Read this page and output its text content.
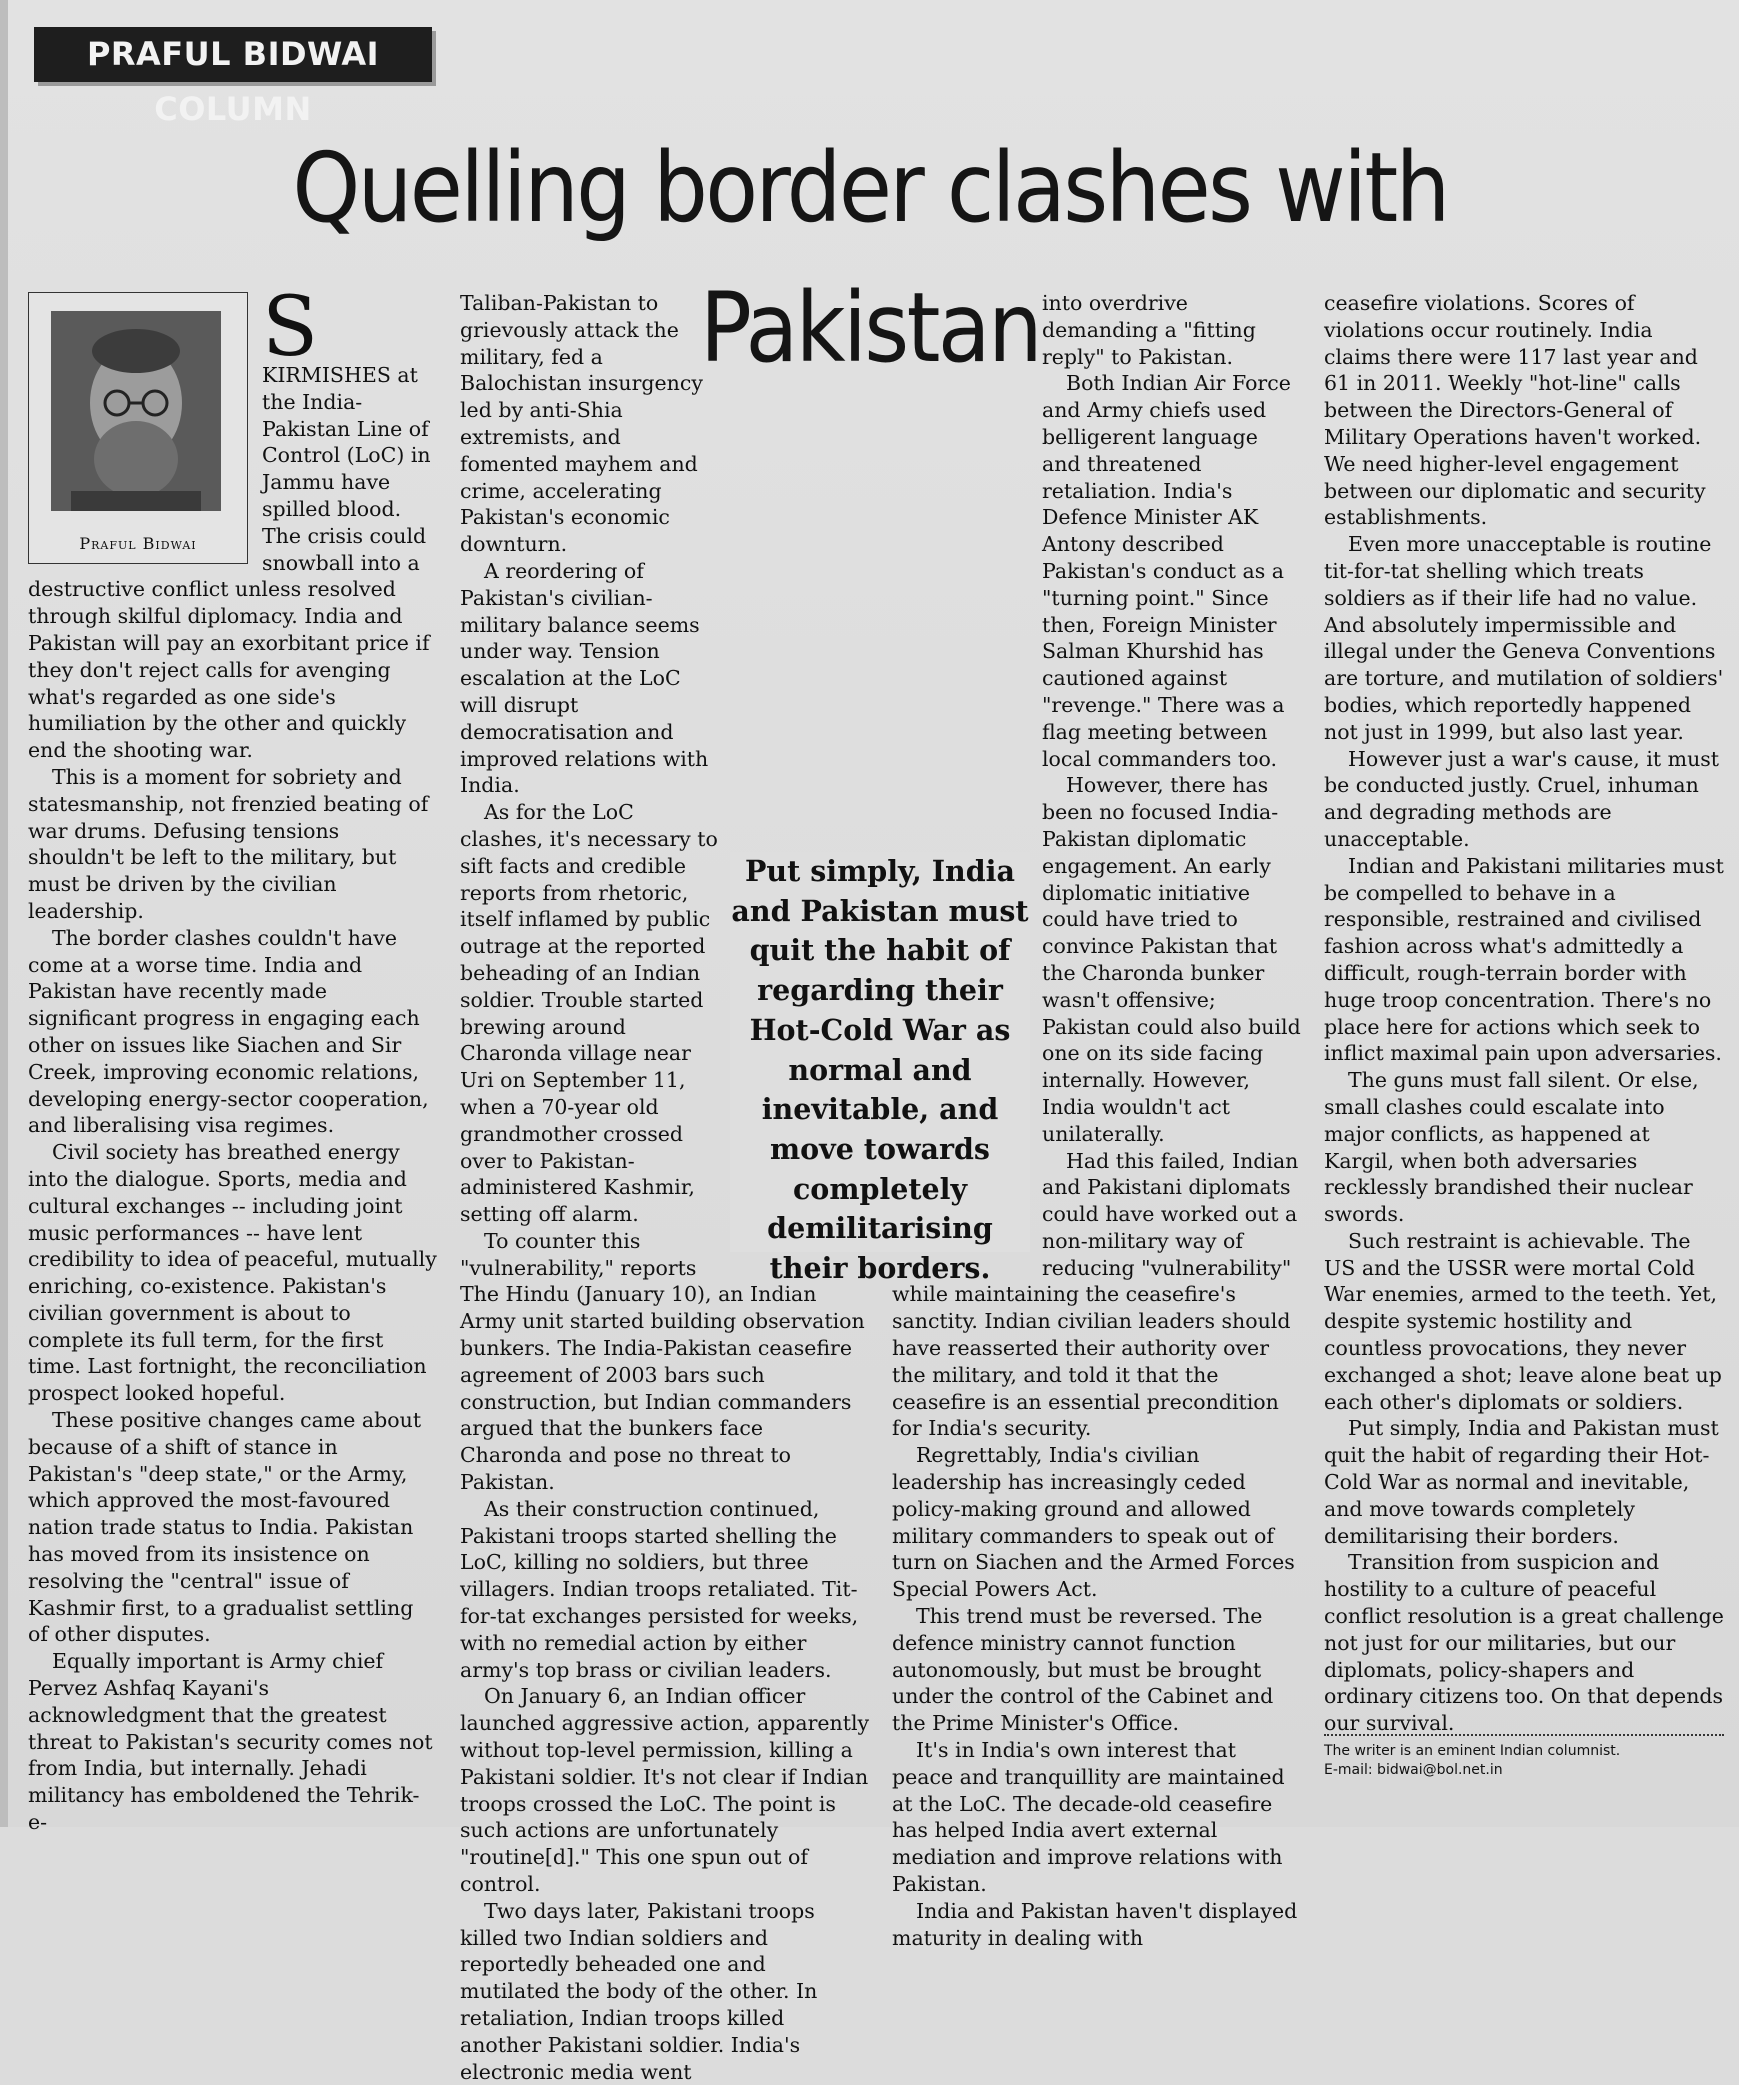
PRAFUL BIDWAI COLUMN
Quelling border clashes with Pakistan
Praful Bidwai

S
KIRMISHES at the India-Pakistan Line of Control (LoC) in Jammu have spilled blood. The crisis could snowball into a destructive conflict unless resolved through skilful diplomacy. India and Pakistan will pay an exorbitant price if they don't reject calls for avenging what's regarded as one side's humiliation by the other and quickly end the shooting war.

This is a moment for sobriety and statesmanship, not frenzied beating of war drums. Defusing tensions shouldn't be left to the military, but must be driven by the civilian leadership.

The border clashes couldn't have come at a worse time. India and Pakistan have recently made significant progress in engaging each other on issues like Siachen and Sir Creek, improving economic relations, developing energy-sector cooperation, and liberalising visa regimes.

Civil society has breathed energy into the dialogue. Sports, media and cultural exchanges -- including joint music performances -- have lent credibility to idea of peaceful, mutually enriching, co-existence. Pakistan's civilian government is about to complete its full term, for the first time. Last fortnight, the reconciliation prospect looked hopeful.

These positive changes came about because of a shift of stance in Pakistan's "deep state," or the Army, which approved the most-favoured nation trade status to India. Pakistan has moved from its insistence on resolving the "central" issue of Kashmir first, to a gradualist settling of other disputes.

Equally important is Army chief Pervez Ashfaq Kayani's acknowledgment that the greatest threat to Pakistan's security comes not from India, but internally. Jehadi militancy has emboldened the Tehrik-e-

Taliban-Pakistan to grievously attack the military, fed a Balochistan insurgency led by anti-Shia extremists, and fomented mayhem and crime, accelerating Pakistan's economic downturn.

A reordering of Pakistan's civilian-military balance seems under way. Tension escalation at the LoC will disrupt democratisation and improved relations with India.

As for the LoC clashes, it's necessary to sift facts and credible reports from rhetoric, itself inflamed by public outrage at the reported beheading of an Indian soldier. Trouble started brewing around Charonda village near Uri on September 11, when a 70-year old grandmother crossed over to Pakistan-administered Kashmir, setting off alarm.

To counter this "vulnerability," reports The Hindu (January 10), an Indian Army unit started building observation bunkers. The India-Pakistan ceasefire agreement of 2003 bars such construction, but Indian commanders argued that the bunkers face Charonda and pose no threat to Pakistan.

As their construction continued, Pakistani troops started shelling the LoC, killing no soldiers, but three villagers. Indian troops retaliated. Tit-for-tat exchanges persisted for weeks, with no remedial action by either army's top brass or civilian leaders.

On January 6, an Indian officer launched aggressive action, apparently without top-level permission, killing a Pakistani soldier. It's not clear if Indian troops crossed the LoC. The point is such actions are unfortunately "routine[d]." This one spun out of control.

Two days later, Pakistani troops killed two Indian soldiers and reportedly beheaded one and mutilated the body of the other. In retaliation, Indian troops killed another Pakistani soldier. India's electronic media went

into overdrive demanding a "fitting reply" to Pakistan.

Both Indian Air Force and Army chiefs used belligerent language and threatened retaliation. India's Defence Minister AK Antony described Pakistan's conduct as a "turning point." Since then, Foreign Minister Salman Khurshid has cautioned against "revenge." There was a flag meeting between local commanders too.

However, there has been no focused India-Pakistan diplomatic engagement. An early diplomatic initiative could have tried to convince Pakistan that the Charonda bunker wasn't offensive; Pakistan could also build one on its side facing internally. However, India wouldn't act unilaterally.

Had this failed, Indian and Pakistani diplomats could have worked out a non-military way of reducing "vulnerability" while maintaining the ceasefire's sanctity. Indian civilian leaders should have reasserted their authority over the military, and told it that the ceasefire is an essential precondition for India's security.

Regrettably, India's civilian leadership has increasingly ceded policy-making ground and allowed military commanders to speak out of turn on Siachen and the Armed Forces Special Powers Act.

This trend must be reversed. The defence ministry cannot function autonomously, but must be brought under the control of the Cabinet and the Prime Minister's Office.

It's in India's own interest that peace and tranquillity are maintained at the LoC. The decade-old ceasefire has helped India avert external mediation and improve relations with Pakistan.

India and Pakistan haven't displayed maturity in dealing with

Put simply, India and Pakistan must quit the habit of regarding their Hot-Cold War as normal and inevitable, and move towards completely demilitarising their borders.

ceasefire violations. Scores of violations occur routinely. India claims there were 117 last year and 61 in 2011. Weekly "hot-line" calls between the Directors-General of Military Operations haven't worked. We need higher-level engagement between our diplomatic and security establishments.

Even more unacceptable is routine tit-for-tat shelling which treats soldiers as if their life had no value. And absolutely impermissible and illegal under the Geneva Conventions are torture, and mutilation of soldiers' bodies, which reportedly happened not just in 1999, but also last year.

However just a war's cause, it must be conducted justly. Cruel, inhuman and degrading methods are unacceptable.

Indian and Pakistani militaries must be compelled to behave in a responsible, restrained and civilised fashion across what's admittedly a difficult, rough-terrain border with huge troop concentration. There's no place here for actions which seek to inflict maximal pain upon adversaries.

The guns must fall silent. Or else, small clashes could escalate into major conflicts, as happened at Kargil, when both adversaries recklessly brandished their nuclear swords.

Such restraint is achievable. The US and the USSR were mortal Cold War enemies, armed to the teeth. Yet, despite systemic hostility and countless provocations, they never exchanged a shot; leave alone beat up each other's diplomats or soldiers.

Put simply, India and Pakistan must quit the habit of regarding their Hot-Cold War as normal and inevitable, and move towards completely demilitarising their borders.

Transition from suspicion and hostility to a culture of peaceful conflict resolution is a great challenge not just for our militaries, but our diplomats, policy-shapers and ordinary citizens too. On that depends our survival.

The writer is an eminent Indian columnist.
E-mail: bidwai@bol.net.in
